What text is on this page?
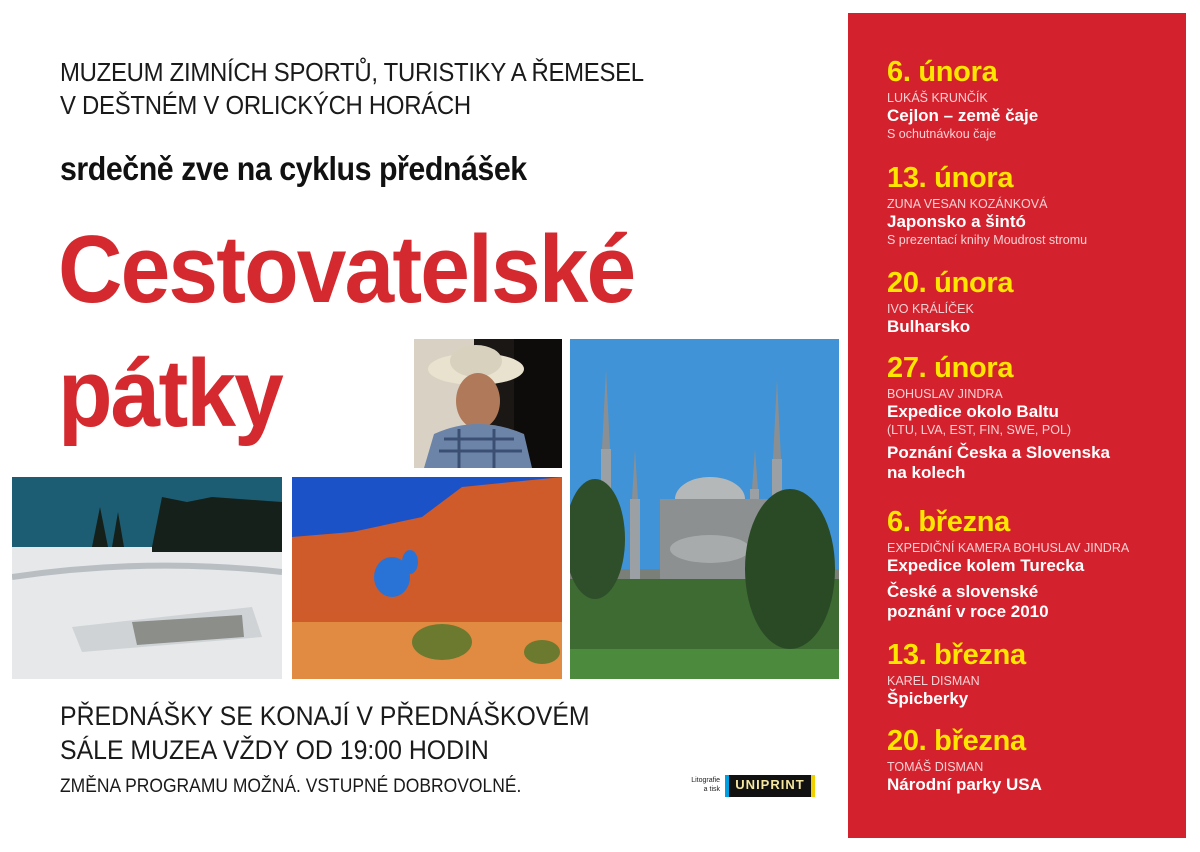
MUZEUM ZIMNÍCH SPORTŮ, TURISTIKY A ŘEMESEL
V DEŠTNÉM V ORLICKÝCH HORÁCH
srdečně zve na cyklus přednášek
Cestovatelské
pátky
PŘEDNÁŠKY SE KONAJÍ V PŘEDNÁŠKOVÉM
SÁLE MUZEA VŽDY OD 19:00 HODIN
ZMĚNA PROGRAMU MOŽNÁ. VSTUPNÉ DOBROVOLNÉ.	Litografie a tisk	UNIPRINT
6. února
LUKÁŠ KRUNČÍK
Cejlon – země čaje
S ochutnávkou čaje
13. února
ZUNA VESAN KOZÁNKOVÁ
Japonsko a šintó
S prezentací knihy Moudrost stromu
20. února
IVO KRÁLÍČEK
Bulharsko
27. února
BOHUSLAV JINDRA
Expedice okolo Baltu
(LTU, LVA, EST, FIN, SWE, POL)
Poznání Česka a Slovenska
na kolech
6. března
EXPEDIČNÍ KAMERA BOHUSLAV JINDRA
Expedice kolem Turecka
České a slovenské
poznání v roce 2010
13. března
KAREL DISMAN
Špicberky
20. března
TOMÁŠ DISMAN
Národní parky USA
